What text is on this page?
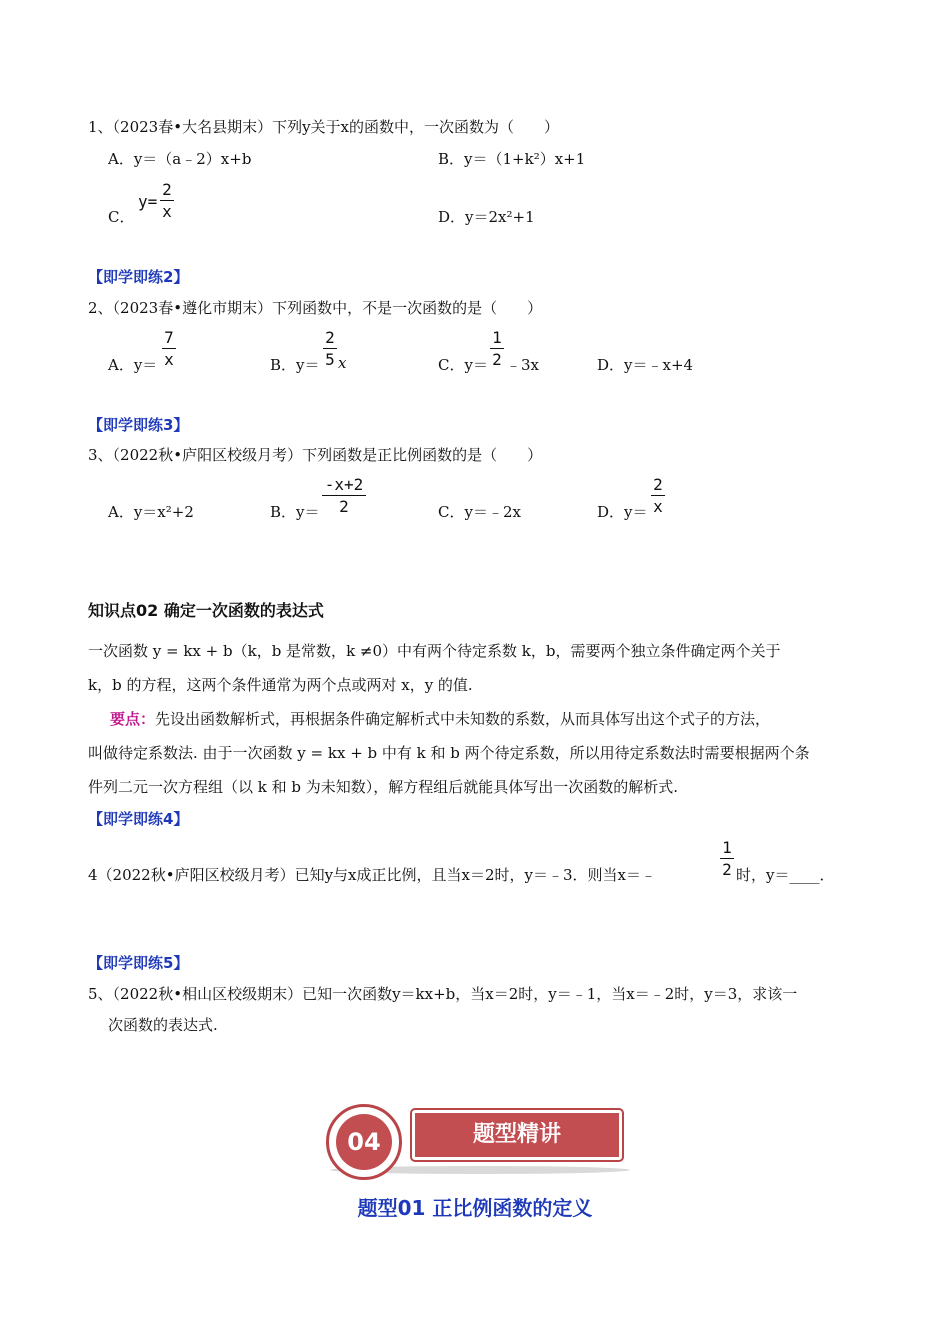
1、（2023春•大名县期末）下列y关于x的函数中，一次函数为（　　）
A．y＝（a﹣2）x+b	B．y＝（1+k²）x+1
C．
y=
2
x	D．y＝2x²+1
【即学即练2】
2、（2023春•遵化市期末）下列函数中，不是一次函数的是（　　）
A．y＝
7
x	B．y＝
2
5 x	C．y＝
1
2 ﹣3x	D．y＝﹣x+4
【即学即练3】
3、（2022秋•庐阳区校级月考）下列函数是正比例函数的是（　　）
A．y＝x²+2	B．y＝
-x+2
2	C．y＝﹣2x	D．y＝
2
x
知识点02 确定一次函数的表达式
一次函数 y = kx + b（k，b 是常数，k ≠0）中有两个待定系数 k，b，需要两个独立条件确定两个关于
k，b 的方程，这两个条件通常为两个点或两对 x，y 的值.
要点：先设出函数解析式，再根据条件确定解析式中未知数的系数，从而具体写出这个式子的方法，
叫做待定系数法. 由于一次函数 y = kx + b 中有 k 和 b 两个待定系数，所以用待定系数法时需要根据两个条
件列二元一次方程组（以 k 和 b 为未知数），解方程组后就能具体写出一次函数的解析式.
【即学即练4】
4（2022秋•庐阳区校级月考）已知y与x成正比例，且当x＝2时，y＝﹣3．则当x＝﹣
1
2 时，y＝____．
【即学即练5】
5、（2022秋•相山区校级期末）已知一次函数y＝kx+b，当x＝2时，y＝﹣1，当x＝﹣2时，y＝3，求该一
次函数的表达式.
题型精讲
04
题型01 正比例函数的定义
